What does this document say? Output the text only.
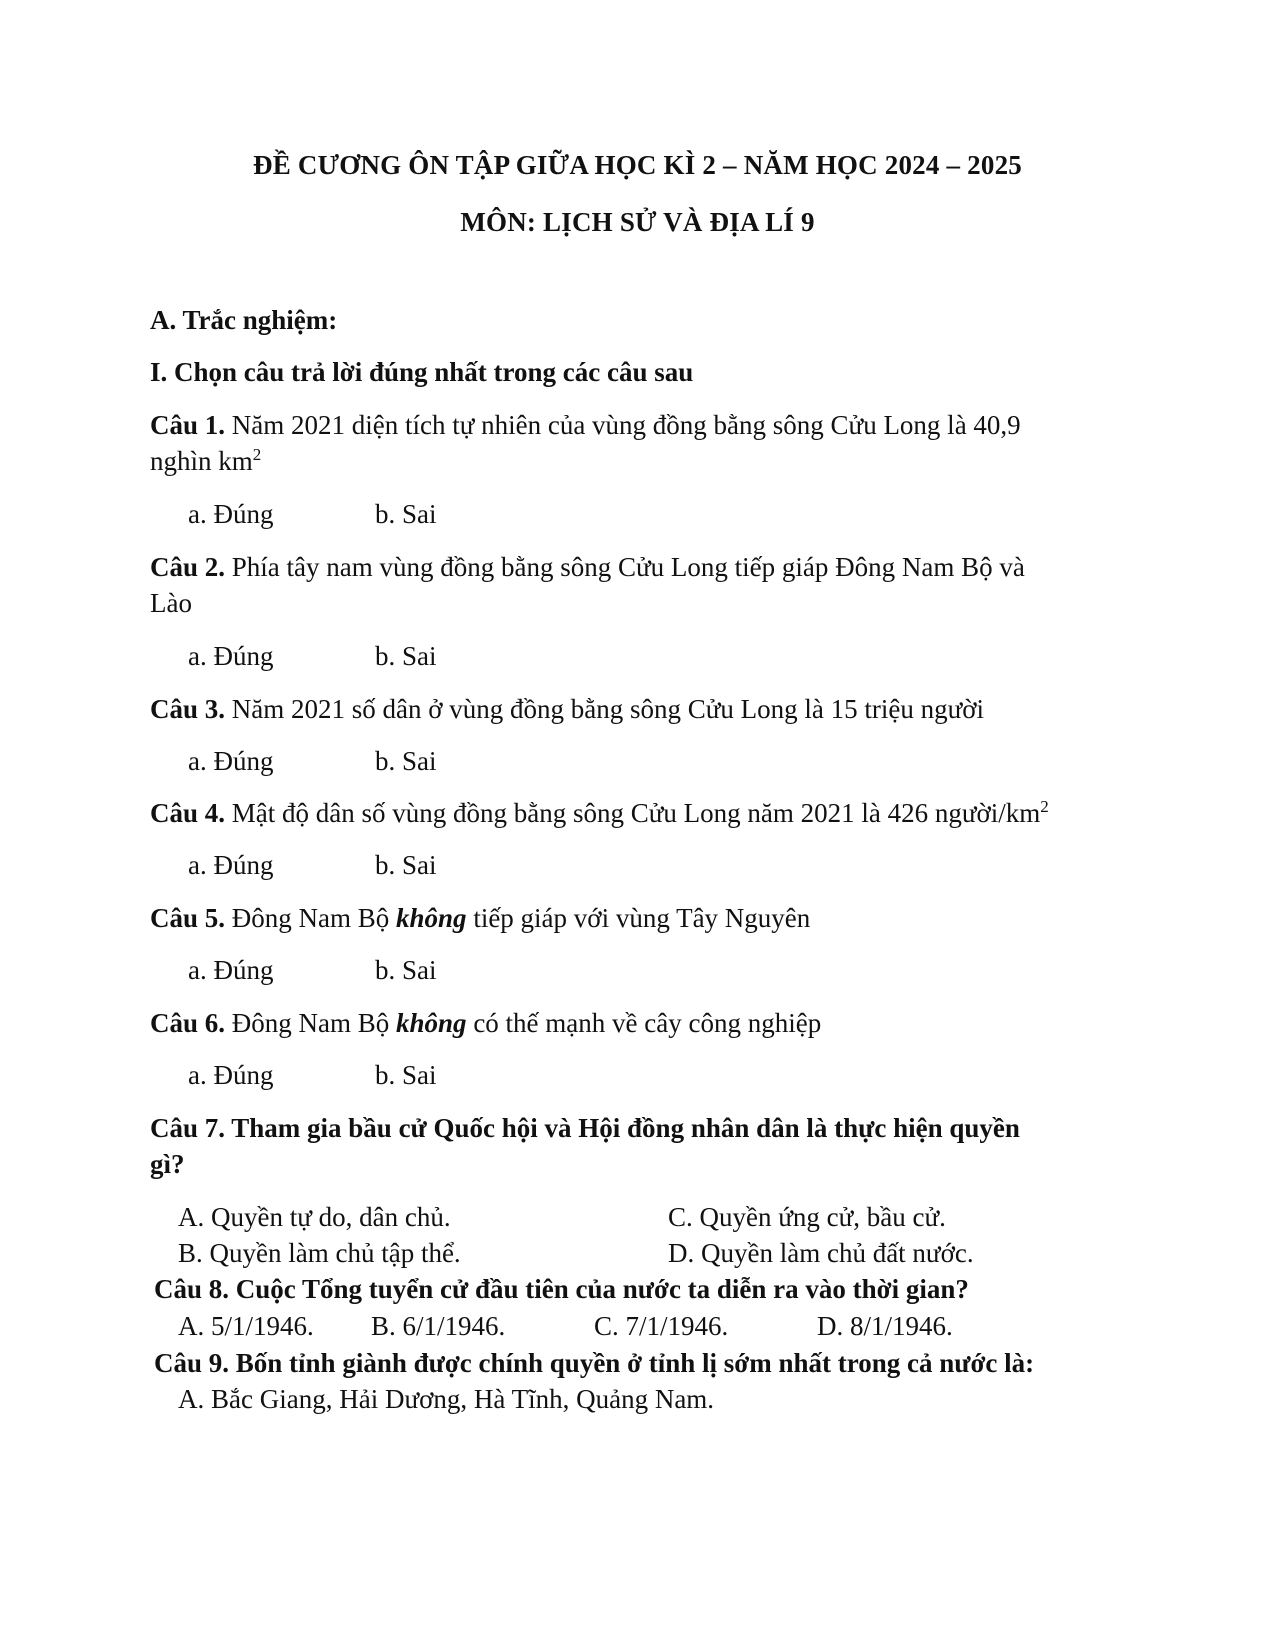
ĐỀ CƯƠNG ÔN TẬP GIỮA HỌC KÌ 2 – NĂM HỌC 2024 – 2025
MÔN: LỊCH SỬ VÀ ĐỊA LÍ 9
A. Trắc nghiệm:
I. Chọn câu trả lời đúng nhất trong các câu sau
Câu 1. Năm 2021 diện tích tự nhiên của vùng đồng bằng sông Cửu Long là 40,9
nghìn $km^2$
a. Đúng	b. Sai
Câu 2. Phía tây nam vùng đồng bằng sông Cửu Long tiếp giáp Đông Nam Bộ và
Lào
a. Đúng	b. Sai
Câu 3. Năm 2021 số dân ở vùng đồng bằng sông Cửu Long là 15 triệu người
a. Đúng	b. Sai
Câu 4. Mật độ dân số vùng đồng bằng sông Cửu Long năm 2021 là 426 người/$km^2$
a. Đúng	b. Sai
Câu 5. Đông Nam Bộ không tiếp giáp với vùng Tây Nguyên
a. Đúng	b. Sai
Câu 6. Đông Nam Bộ không có thế mạnh về cây công nghiệp
a. Đúng	b. Sai
Câu 7. Tham gia bầu cử Quốc hội và Hội đồng nhân dân là thực hiện quyền
gì?
A. Quyền tự do, dân chủ.	C. Quyền ứng cử, bầu cử.
B. Quyền làm chủ tập thể.	D. Quyền làm chủ đất nước.
Câu 8. Cuộc Tổng tuyển cử đầu tiên của nước ta diễn ra vào thời gian?
A. 5/1/1946. B. 6/1/1946.	C. 7/1/1946.	D. 8/1/1946.
Câu 9. Bốn tỉnh giành được chính quyền ở tỉnh lị sớm nhất trong cả nước là:
A. Bắc Giang, Hải Dương, Hà Tĩnh, Quảng Nam.
